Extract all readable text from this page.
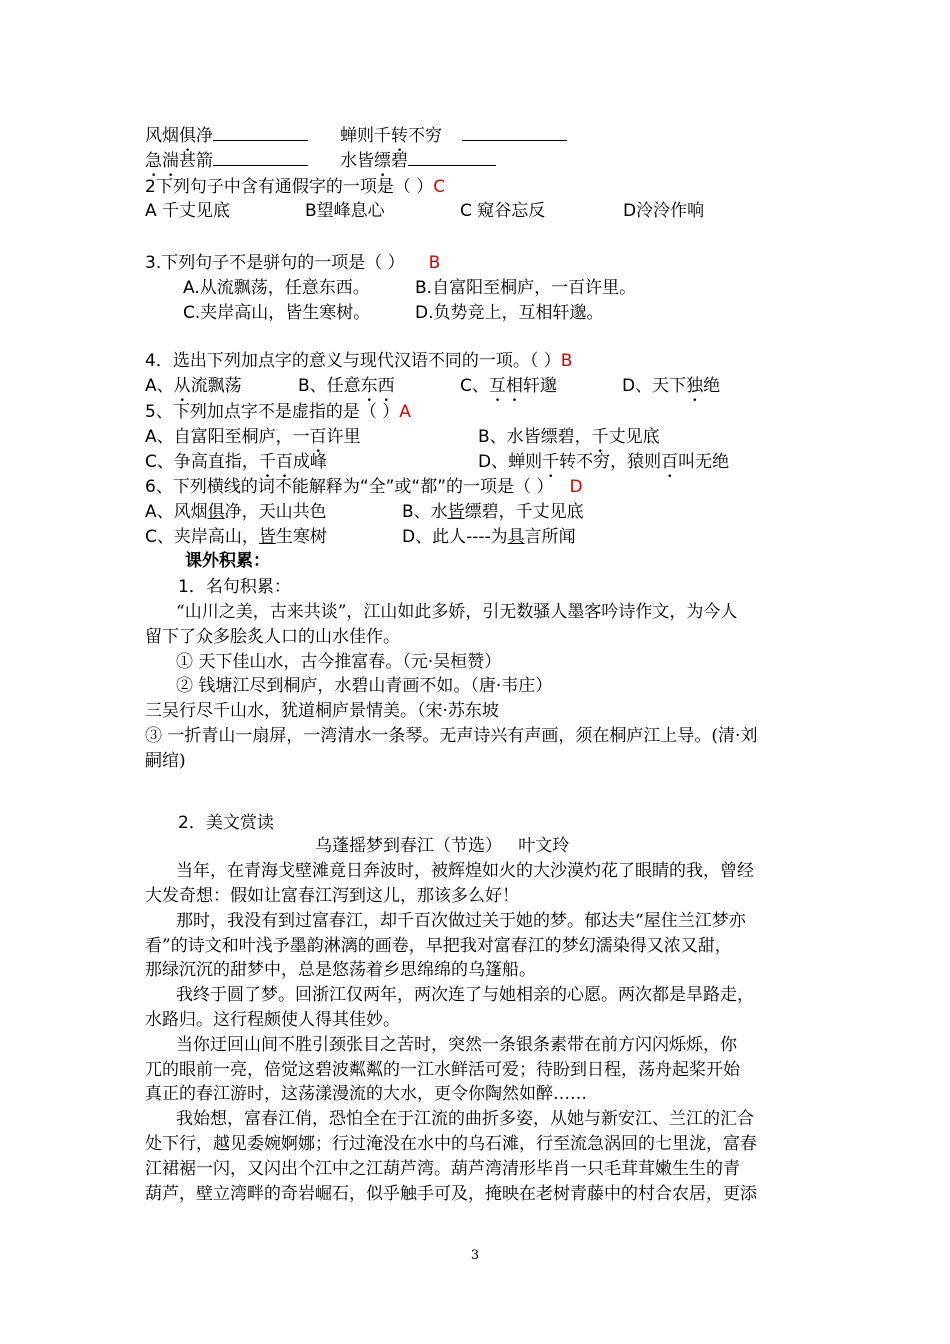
风烟俱净	蝉则千转不穷
急湍甚箭	水皆缥碧
2下列句子中含有通假字的一项是（ ）C
A 千丈见底	B望峰息心	C 窥谷忘反	D泠泠作响
3.下列句子不是骈句的一项是（ ） B
A.从流飘荡，任意东西。	B.自富阳至桐庐，一百许里。
C.夹岸高山，皆生寒树。	D.负势竞上，互相轩邈。
4．选出下列加点字的意义与现代汉语不同的一项。（ ）B
A、从流飘荡	B、任意东西	C、互相轩邈	D、天下独绝
5、下列加点字不是虚指的是（ ）A
A、自富阳至桐庐，一百许里	B、水皆缥碧，千丈见底
C、争高直指，千百成峰	D、蝉则千转不穷，猿则百叫无绝
6、下列横线的词不能解释为“全”或“都”的一项是（ ） D
A、风烟俱净，天山共色	B、水皆缥碧，千丈见底
C、夹岸高山，皆生寒树	D、此人----为具言所闻
课外积累：
1．名句积累：
“山川之美，古来共谈”，江山如此多娇，引无数骚人墨客吟诗作文，为今人
留下了众多脍炙人口的山水佳作。
① 天下佳山水，古今推富春。（元·吴桓赞）
② 钱塘江尽到桐庐，水碧山青画不如。（唐·韦庄）
三吴行尽千山水，犹道桐庐景情美。（宋·苏东坡
③ 一折青山一扇屏，一湾清水一条琴。无声诗兴有声画，须在桐庐江上导。(清·刘
嗣绾)
2．美文赏读
乌蓬摇梦到春江（节选）   叶文玲
当年，在青海戈壁滩竟日奔波时，被辉煌如火的大沙漠灼花了眼睛的我，曾经
大发奇想：假如让富春江泻到这儿，那该多么好！
那时，我没有到过富春江，却千百次做过关于她的梦。郁达夫“屋住兰江梦亦
看”的诗文和叶浅予墨韵淋漓的画卷，早把我对富春江的梦幻濡染得又浓又甜，
那绿沉沉的甜梦中，总是悠荡着乡思绵绵的乌篷船。
我终于圆了梦。回浙江仅两年，两次连了与她相亲的心愿。两次都是旱路走，
水路归。这行程颇使人得其佳妙。
当你迂回山间不胜引颈张目之苦时，突然一条银条素带在前方闪闪烁烁，你
兀的眼前一亮，倍觉这碧波粼粼的一江水鲜活可爱；待盼到日程，荡舟起桨开始
真正的春江游时，这荡漾漫流的大水，更令你陶然如醉……
我始想，富春江俏，恐怕全在于江流的曲折多姿，从她与新安江、兰江的汇合
处下行，越见委婉婀娜；行过淹没在水中的乌石滩，行至流急涡回的七里泷，富春
江裙裾一闪，又闪出个江中之江葫芦湾。葫芦湾清形毕肖一只毛茸茸嫩生生的青
葫芦，壁立湾畔的奇岩崛石，似乎触手可及，掩映在老树青藤中的村合农居，更添
3
